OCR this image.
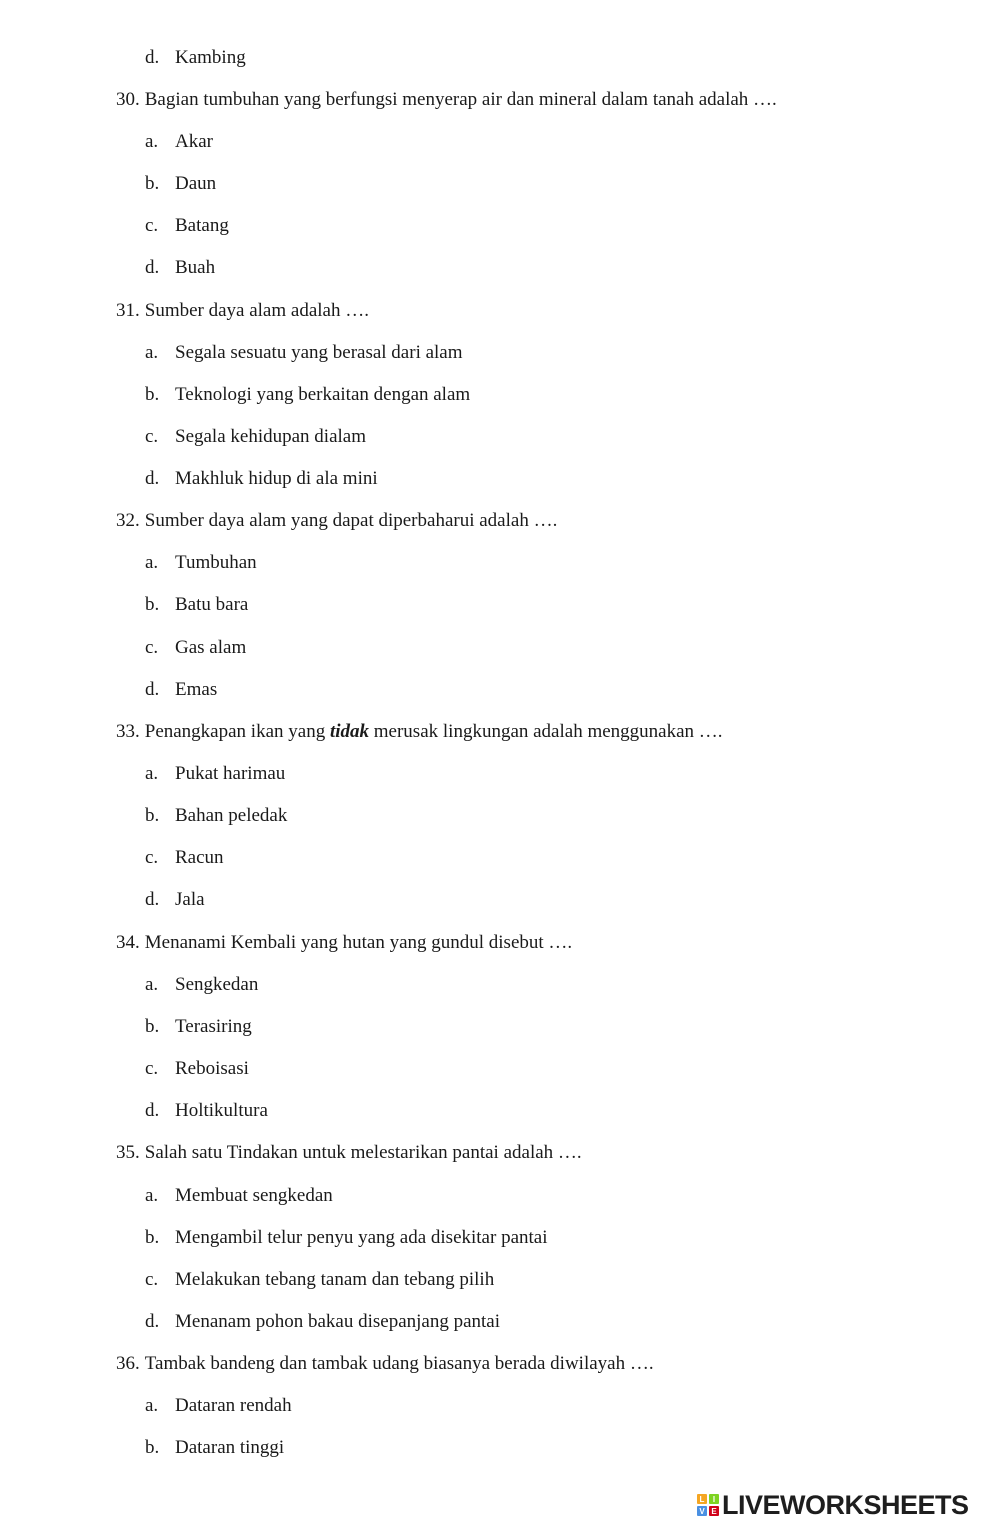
d. Kambing
30. Bagian tumbuhan yang berfungsi menyerap air dan mineral dalam tanah adalah ….
a. Akar
b. Daun
c. Batang
d. Buah
31. Sumber daya alam adalah ….
a. Segala sesuatu yang berasal dari alam
b. Teknologi yang berkaitan dengan alam
c. Segala kehidupan dialam
d. Makhluk hidup di ala mini
32. Sumber daya alam yang dapat diperbaharui adalah ….
a. Tumbuhan
b. Batu bara
c. Gas alam
d. Emas
33. Penangkapan ikan yang tidak merusak lingkungan adalah menggunakan ….
a. Pukat harimau
b. Bahan peledak
c. Racun
d. Jala
34. Menanami Kembali yang hutan yang gundul disebut ….
a. Sengkedan
b. Terasiring
c. Reboisasi
d. Holtikultura
35. Salah satu Tindakan untuk melestarikan pantai adalah ….
a. Membuat sengkedan
b. Mengambil telur penyu yang ada disekitar pantai
c. Melakukan tebang tanam dan tebang pilih
d. Menanam pohon bakau disepanjang pantai
36. Tambak bandeng dan tambak udang biasanya berada diwilayah ….
a. Dataran rendah
b. Dataran tinggi
L	I
V E LIVEWORKSHEETS
